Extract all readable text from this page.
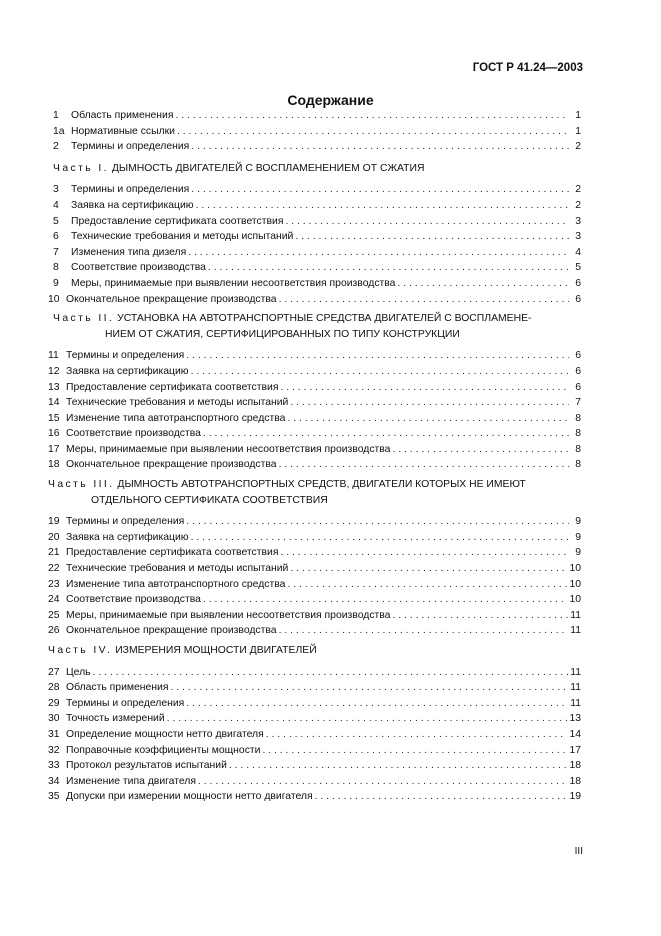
ГОСТ Р 41.24—2003
Содержание
1	Область применения . . .	1
1а Нормативные ссылки . . .	1
2	Термины и определения . . .	2
Часть I. ДЫМНОСТЬ ДВИГАТЕЛЕЙ С ВОСПЛАМЕНЕНИЕМ ОТ СЖАТИЯ
3	Термины и определения . . .	2
4	Заявка на сертификацию . . .	2
5	Предоставление сертификата соответствия . . .	3
6	Технические требования и методы испытаний . . .	3
7	Изменения типа дизеля . . .	4
8	Соответствие производства . . .	5
9	Меры, принимаемые при выявлении несоответствия производства . . .	6
10 Окончательное прекращение производства . . .	6
Часть II. УСТАНОВКА НА АВТОТРАНСПОРТНЫЕ СРЕДСТВА ДВИГАТЕЛЕЙ С ВОСПЛАМЕНЕ-
НИЕМ ОТ СЖАТИЯ, СЕРТИФИЦИРОВАННЫХ ПО ТИПУ КОНСТРУКЦИИ
11 Термины и определения . . .	6
12 Заявка на сертификацию . . .	6
13 Предоставление сертификата соответствия . . .	6
14 Технические требования и методы испытаний . . .	7
15 Изменение типа автотранспортного средства . . .	8
16 Соответствие производства . . .	8
17 Меры, принимаемые при выявлении несоответствия производства . . .	8
18 Окончательное прекращение производства . . .	8
Часть III. ДЫМНОСТЬ АВТОТРАНСПОРТНЫХ СРЕДСТВ, ДВИГАТЕЛИ КОТОРЫХ НЕ ИМЕЮТ
ОТДЕЛЬНОГО СЕРТИФИКАТА СООТВЕТСТВИЯ
19 Термины и определения . . .	9
20 Заявка на сертификацию . . .	9
21 Предоставление сертификата соответствия . . .	9
22 Технические требования и методы испытаний . . .	10
23 Изменение типа автотранспортного средства . . .	10
24 Соответствие производства . . .	10
25 Меры, принимаемые при выявлении несоответствия производства . . .	11
26 Окончательное прекращение производства . . .	11
Часть IV. ИЗМЕРЕНИЯ МОЩНОСТИ ДВИГАТЕЛЕЙ
27 Цель . . .	11
28 Область применения . . .	11
29 Термины и определения . . .	11
30 Точность измерений . . .	13
31 Определение мощности нетто двигателя . . .	14
32 Поправочные коэффициенты мощности . . .	17
33 Протокол результатов испытаний . . .	18
34 Изменение типа двигателя . . .	18
35 Допуски при измерении мощности нетто двигателя . . .	19
III
